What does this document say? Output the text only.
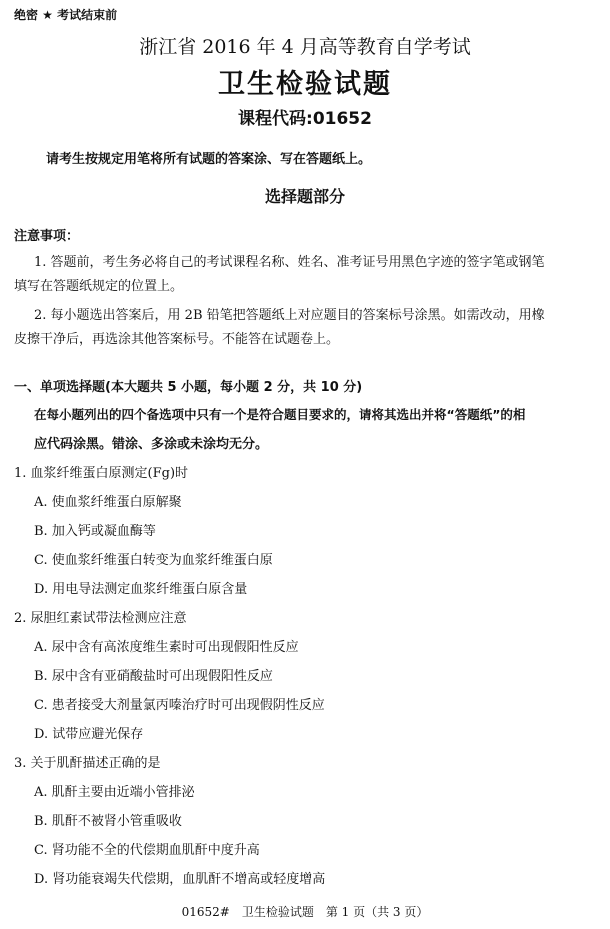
绝密 ★ 考试结束前
浙江省 2016 年 4 月高等教育自学考试
卫生检验试题
课程代码:01652
请考生按规定用笔将所有试题的答案涂、写在答题纸上。
选择题部分
注意事项：
1. 答题前，考生务必将自己的考试课程名称、姓名、准考证号用黑色字迹的签字笔或钢笔
填写在答题纸规定的位置上。
2. 每小题选出答案后，用 2B 铅笔把答题纸上对应题目的答案标号涂黑。如需改动，用橡
皮擦干净后，再选涂其他答案标号。不能答在试题卷上。
一、单项选择题(本大题共 5 小题，每小题 2 分，共 10 分)
在每小题列出的四个备选项中只有一个是符合题目要求的，请将其选出并将“答题纸”的相
应代码涂黑。错涂、多涂或未涂均无分。
1. 血浆纤维蛋白原测定(Fg)时
A. 使血浆纤维蛋白原解聚
B. 加入钙或凝血酶等
C. 使血浆纤维蛋白转变为血浆纤维蛋白原
D. 用电导法测定血浆纤维蛋白原含量
2. 尿胆红素试带法检测应注意
A. 尿中含有高浓度维生素时可出现假阳性反应
B. 尿中含有亚硝酸盐时可出现假阳性反应
C. 患者接受大剂量氯丙嗪治疗时可出现假阴性反应
D. 试带应避光保存
3. 关于肌酐描述正确的是
A. 肌酐主要由近端小管排泌
B. 肌酐不被肾小管重吸收
C. 肾功能不全的代偿期血肌酐中度升高
D. 肾功能衰竭失代偿期，血肌酐不增高或轻度增高
01652#　卫生检验试题　第 1 页（共 3 页）
